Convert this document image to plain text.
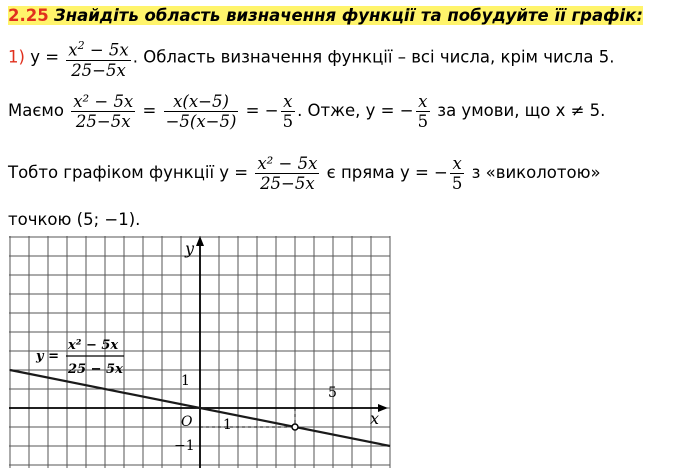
2.25 Знайдіть область визначення функції та побудуйте її графік:
1) $y = \frac{x^2 - 5x}{25-5x}$ . Область визначення функції – всі числа, крім числа 5.
Маємо $\frac{\text{x² − 5x}}{25-5x} = \frac{x(x-5)}{-5(x-5)}$ = − $\frac{x}{5}$ . Отже, у = − $\frac{x}{5}$ за умови, що х ≠ 5.
Тобто графіком функції $у = \frac{\text{x² − 5x}}{25-5x}$ є пряма у = − $\frac{x}{5}$ з «виколотою»
точкою (5; −1).
y
x
O 1
1
5
−1
y =
x² − 5x
25 − 5x
